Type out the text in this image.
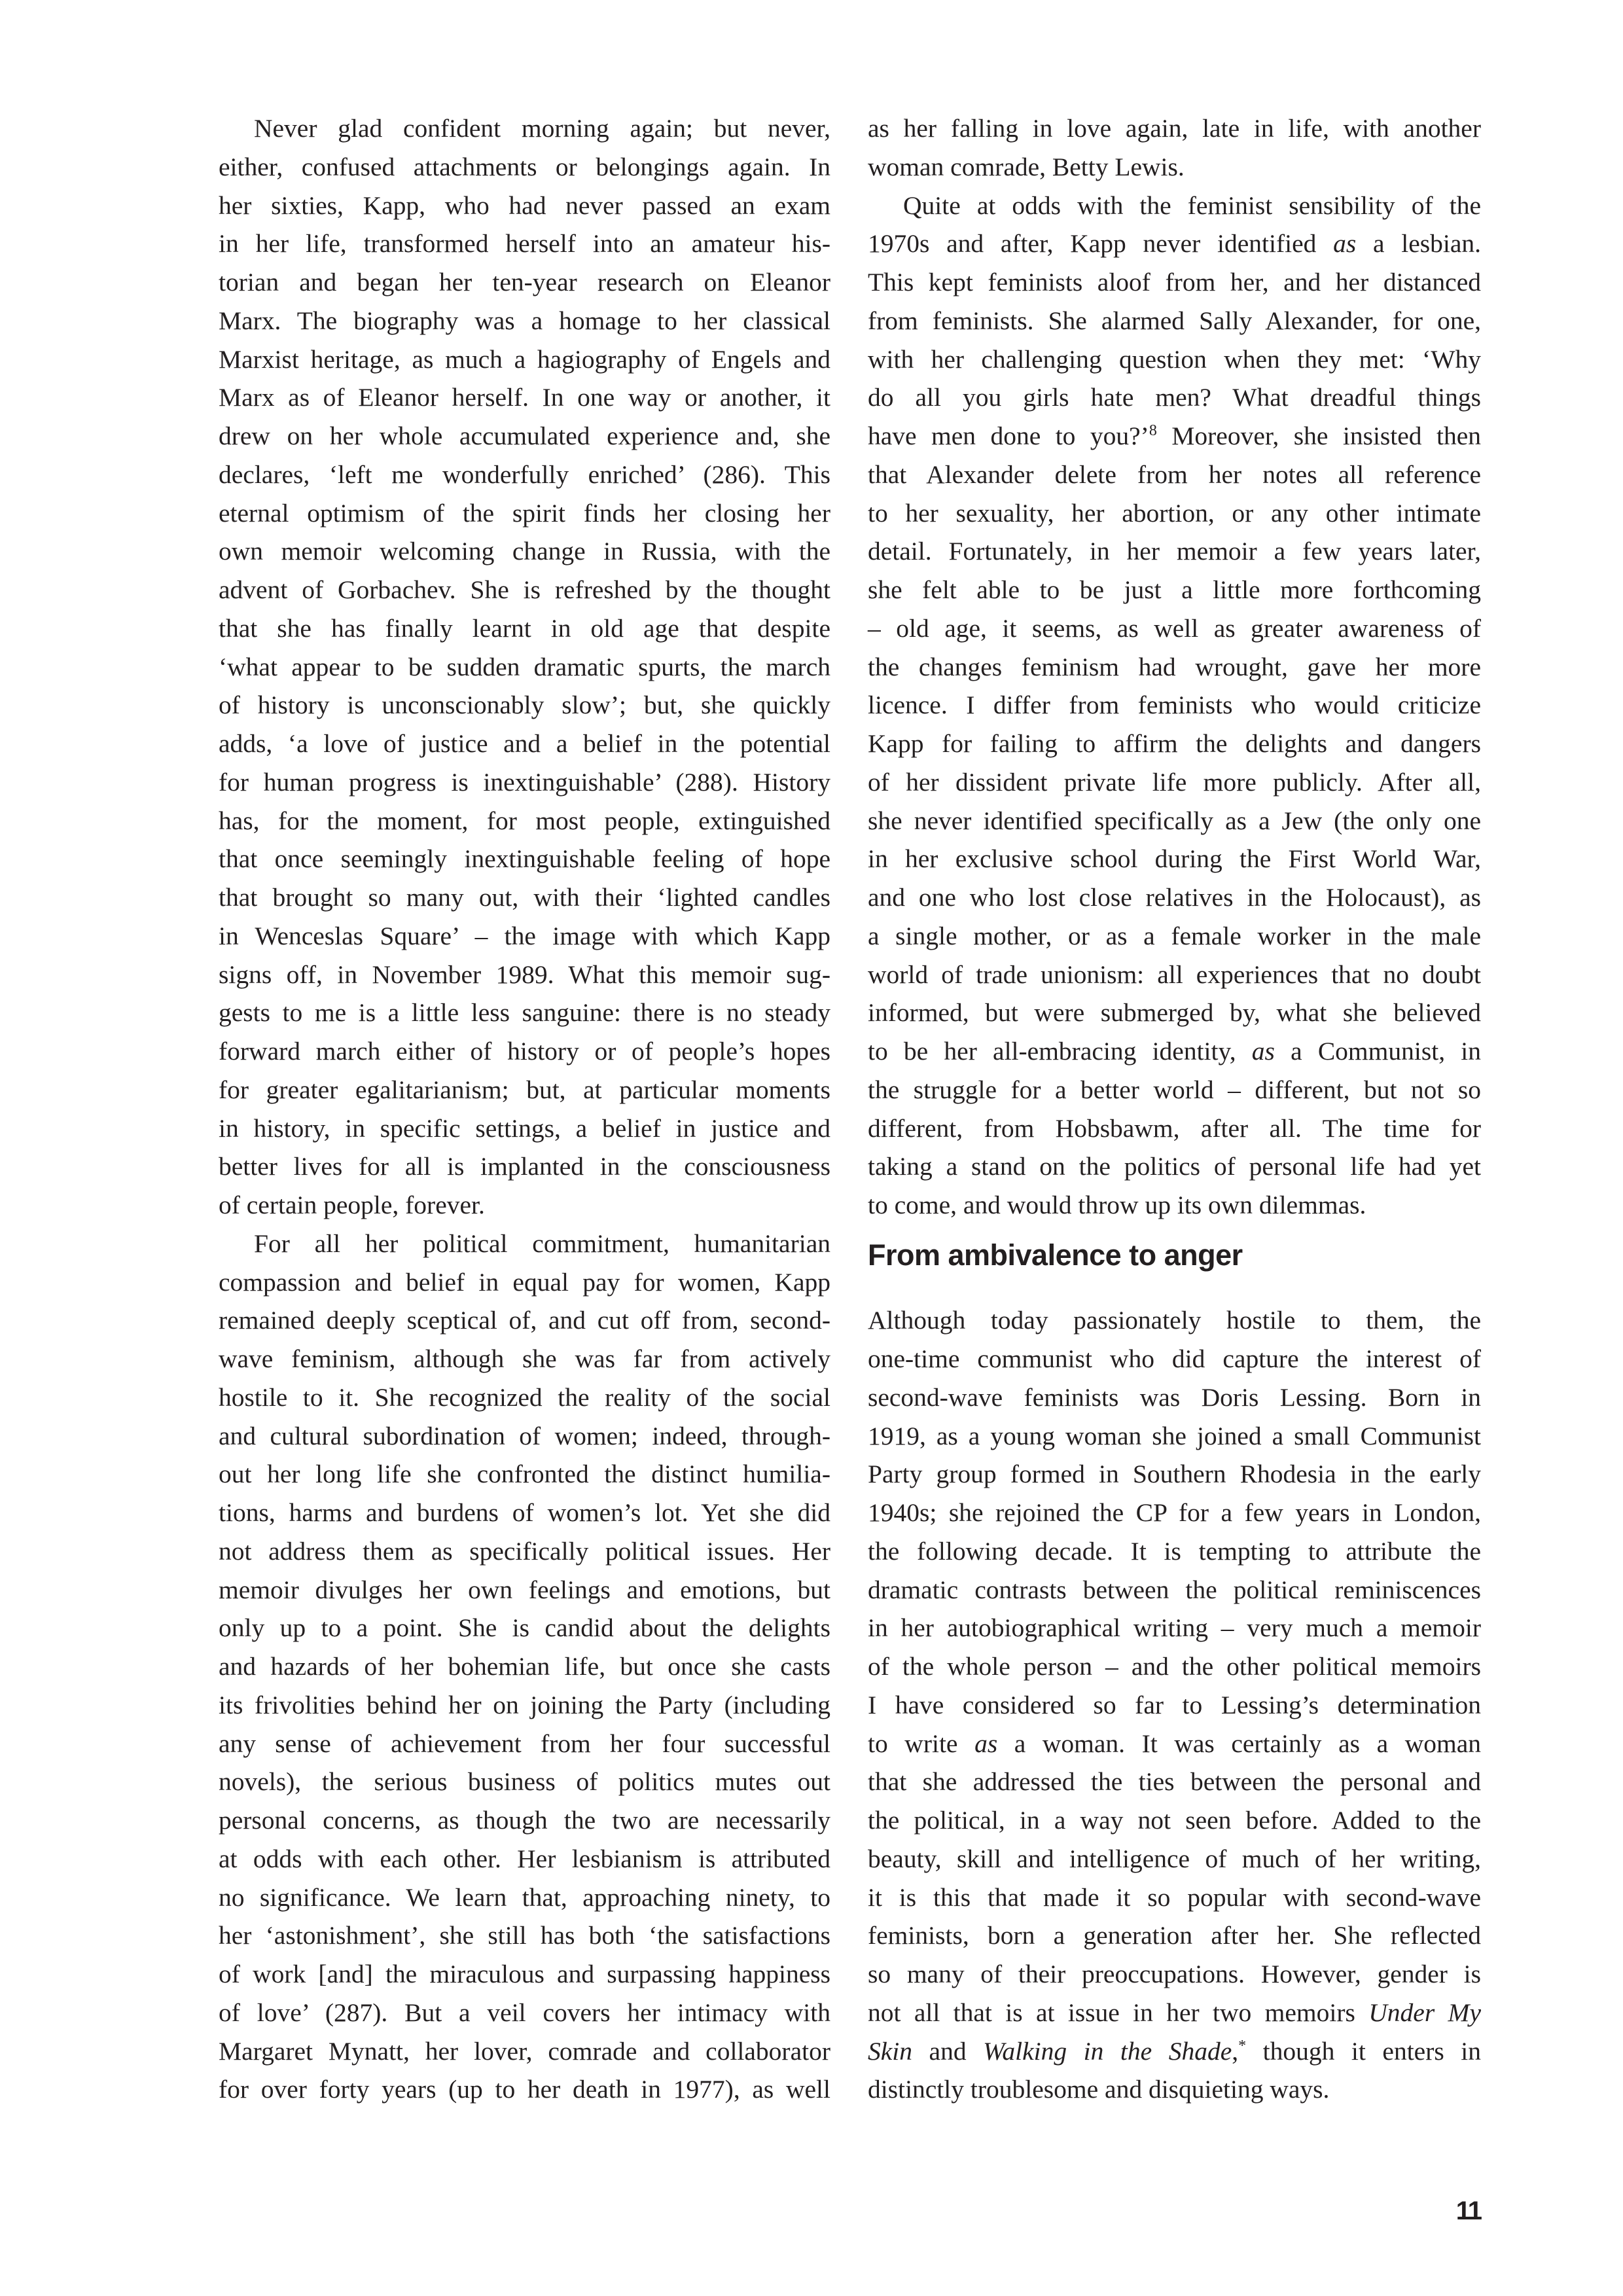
Never glad confident morning again; but never,
either, confused attachments or belongings again. In
her sixties, Kapp, who had never passed an exam
in her life, transformed herself into an amateur his-
torian and began her ten-year research on Eleanor
Marx. The biography was a homage to her classical
Marxist heritage, as much a hagiography of Engels and
Marx as of Eleanor herself. In one way or another, it
drew on her whole accumulated experience and, she
declares, ‘left me wonderfully enriched’ (286). This
eternal optimism of the spirit finds her closing her
own memoir welcoming change in Russia, with the
advent of Gorbachev. She is refreshed by the thought
that she has finally learnt in old age that despite
‘what appear to be sudden dramatic spurts, the march
of history is unconscionably slow’; but, she quickly
adds, ‘a love of justice and a belief in the potential
for human progress is inextinguishable’ (288). History
has, for the moment, for most people, extinguished
that once seemingly inextinguishable feeling of hope
that brought so many out, with their ‘lighted candles
in Wenceslas Square’ – the image with which Kapp
signs off, in November 1989. What this memoir sug-
gests to me is a little less sanguine: there is no steady
forward march either of history or of people’s hopes
for greater egalitarianism; but, at particular moments
in history, in specific settings, a belief in justice and
better lives for all is implanted in the consciousness
of certain people, forever.
For all her political commitment, humanitarian
compassion and belief in equal pay for women, Kapp
remained deeply sceptical of, and cut off from, second-
wave feminism, although she was far from actively
hostile to it. She recognized the reality of the social
and cultural subordination of women; indeed, through-
out her long life she confronted the distinct humilia-
tions, harms and burdens of women’s lot. Yet she did
not address them as specifically political issues. Her
memoir divulges her own feelings and emotions, but
only up to a point. She is candid about the delights
and hazards of her bohemian life, but once she casts
its frivolities behind her on joining the Party (including
any sense of achievement from her four successful
novels), the serious business of politics mutes out
personal concerns, as though the two are necessarily
at odds with each other. Her lesbianism is attributed
no significance. We learn that, approaching ninety, to
her ‘astonishment’, she still has both ‘the satisfactions
of work [and] the miraculous and surpassing happiness
of love’ (287). But a veil covers her intimacy with
Margaret Mynatt, her lover, comrade and collaborator
for over forty years (up to her death in 1977), as well
as her falling in love again, late in life, with another
woman comrade, Betty Lewis.
Quite at odds with the feminist sensibility of the
1970s and after, Kapp never identified as a lesbian.
This kept feminists aloof from her, and her distanced
from feminists. She alarmed Sally Alexander, for one,
with her challenging question when they met: ‘Why
do all you girls hate men? What dreadful things
have men done to you?’$^8$ Moreover, she insisted then
that Alexander delete from her notes all reference
to her sexuality, her abortion, or any other intimate
detail. Fortunately, in her memoir a few years later,
she felt able to be just a little more forthcoming
– old age, it seems, as well as greater awareness of
the changes feminism had wrought, gave her more
licence. I differ from feminists who would criticize
Kapp for failing to affirm the delights and dangers
of her dissident private life more publicly. After all,
she never identified specifically as a Jew (the only one
in her exclusive school during the First World War,
and one who lost close relatives in the Holocaust), as
a single mother, or as a female worker in the male
world of trade unionism: all experiences that no doubt
informed, but were submerged by, what she believed
to be her all-embracing identity, as a Communist, in
the struggle for a better world – different, but not so
different, from Hobsbawm, after all. The time for
taking a stand on the politics of personal life had yet
to come, and would throw up its own dilemmas.
From ambivalence to anger
Although today passionately hostile to them, the
one-time communist who did capture the interest of
second-wave feminists was Doris Lessing. Born in
1919, as a young woman she joined a small Communist
Party group formed in Southern Rhodesia in the early
1940s; she rejoined the CP for a few years in London,
the following decade. It is tempting to attribute the
dramatic contrasts between the political reminiscences
in her autobiographical writing – very much a memoir
of the whole person – and the other political memoirs
I have considered so far to Lessing’s determination
to write as a woman. It was certainly as a woman
that she addressed the ties between the personal and
the political, in a way not seen before. Added to the
beauty, skill and intelligence of much of her writing,
it is this that made it so popular with second-wave
feminists, born a generation after her. She reflected
so many of their preoccupations. However, gender is
not all that is at issue in her two memoirs Under My
Skin and Walking in the Shade,* though it enters in
distinctly troublesome and disquieting ways.
11
